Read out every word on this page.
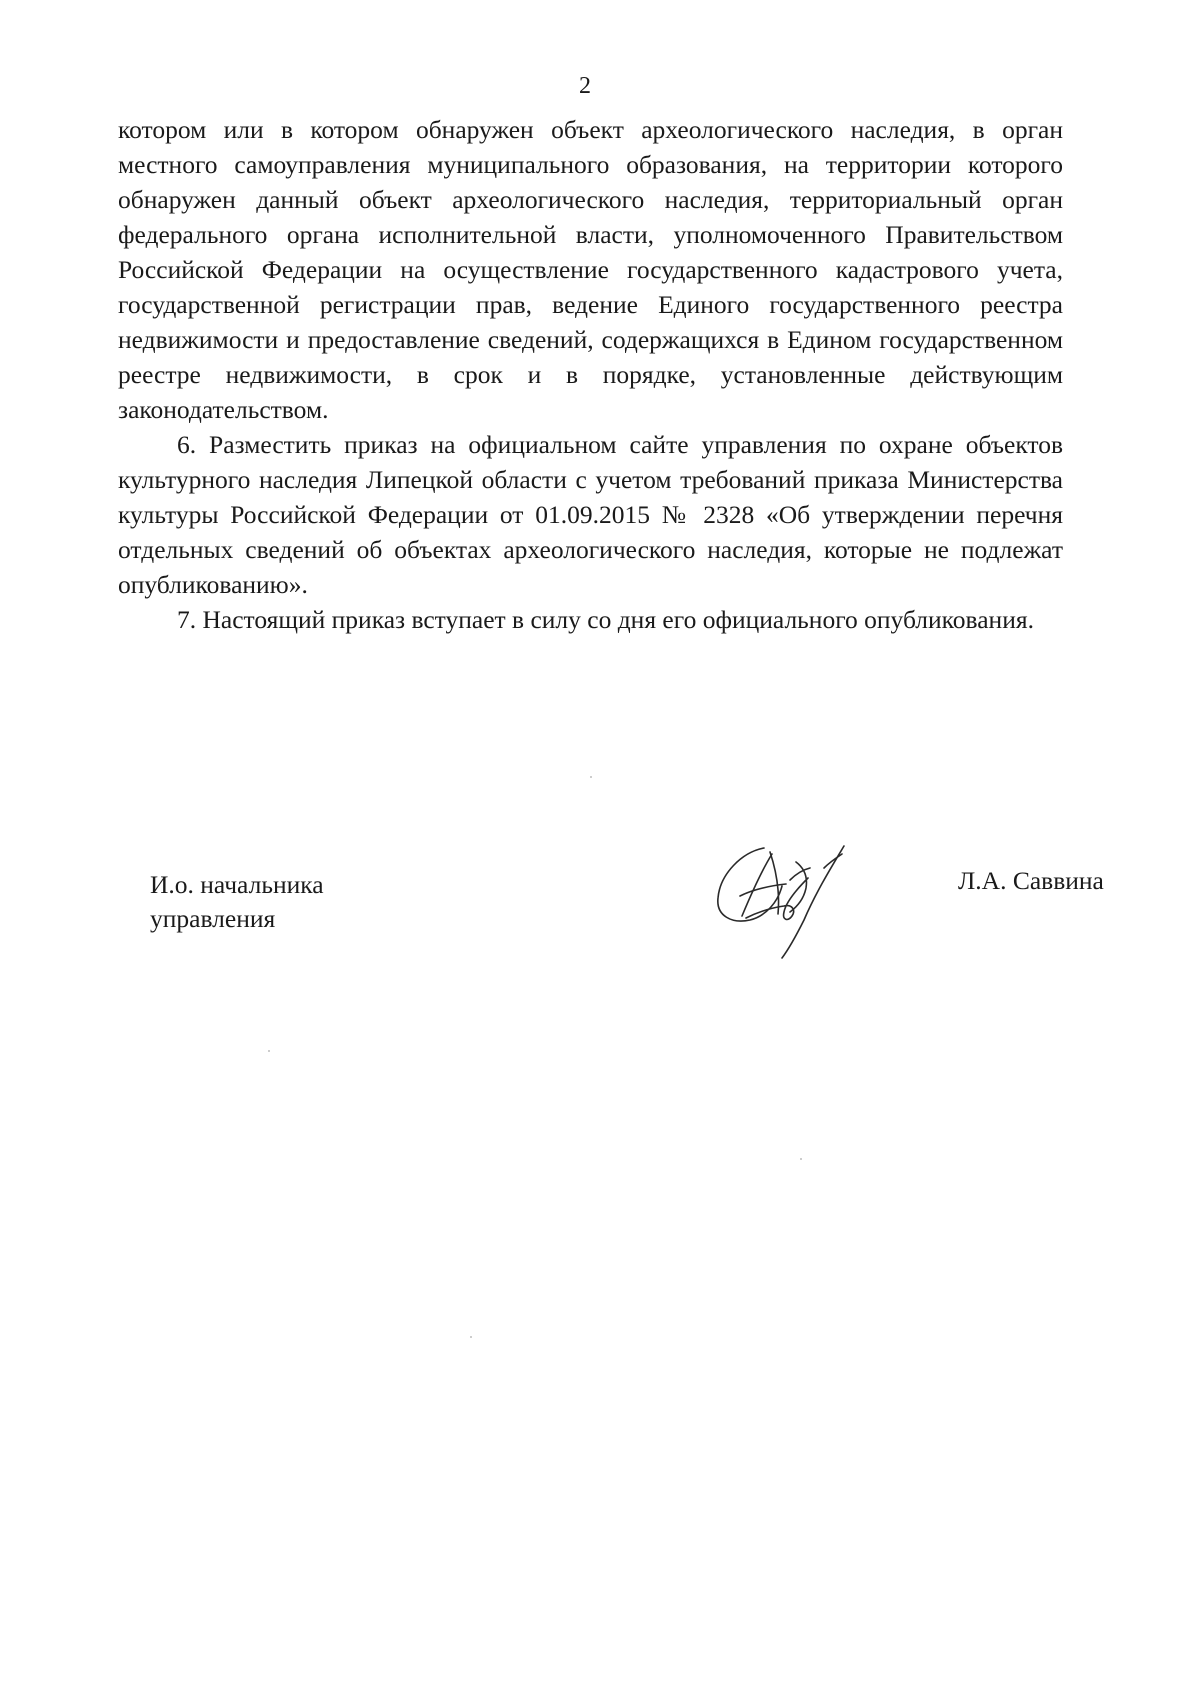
2

котором или в котором обнаружен объект археологического наследия, в орган местного самоуправления муниципального образования, на территории которого обнаружен данный объект археологического наследия, территориальный орган федерального органа исполнительной власти, уполномоченного Правительством Российской Федерации на осуществление государственного кадастрового учета, государственной регистрации прав, ведение Единого государственного реестра недвижимости и предоставление сведений, содержащихся в Едином государственном реестре недвижимости, в срок и в порядке, установленные действующим законодательством.

6. Разместить приказ на официальном сайте управления по охране объектов культурного наследия Липецкой области с учетом требований приказа Министерства культуры Российской Федерации от 01.09.2015 № 2328 «Об утверждении перечня отдельных сведений об объектах археологического наследия, которые не подлежат опубликованию».

7. Настоящий приказ вступает в силу со дня его официального опубликования.

И.о. начальника
управления
Л.А. Саввина
